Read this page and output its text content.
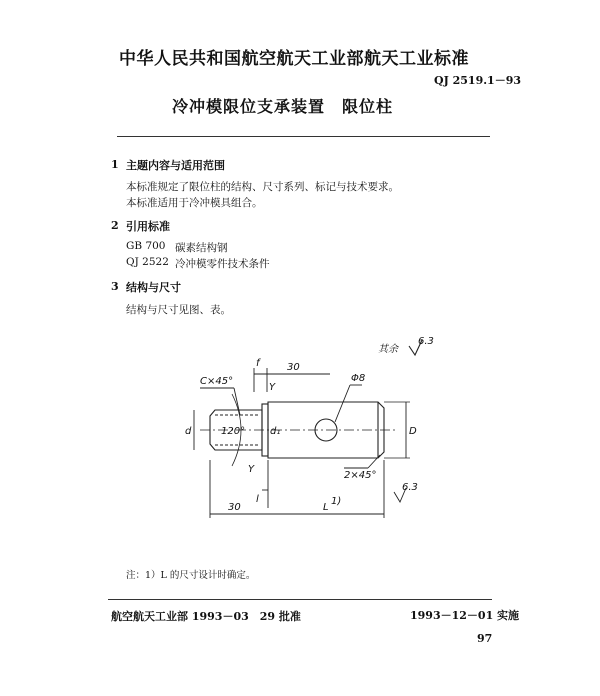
中华人民共和国航空航天工业部航天工业标准
QJ 2519.1－93
冷冲模限位支承装置　限位柱
1 主题内容与适用范围
本标准规定了限位柱的结构、尺寸系列、标记与技术要求。
本标准适用于冷冲模具组合。
2 引用标准
GB 700 碳素结构钢
QJ 2522 冷冲模零件技术条件
3 结构与尺寸
结构与尺寸见图、表。
其余
6.3
f	30
C×45°
Y
Φ8
120°
d	d₁	D
2×45°
Y
l
30	L
1)
6.3
注：1）L 的尺寸设计时确定。
航空航天工业部 1993－03　29 批准	1993－12－01 实施
97
